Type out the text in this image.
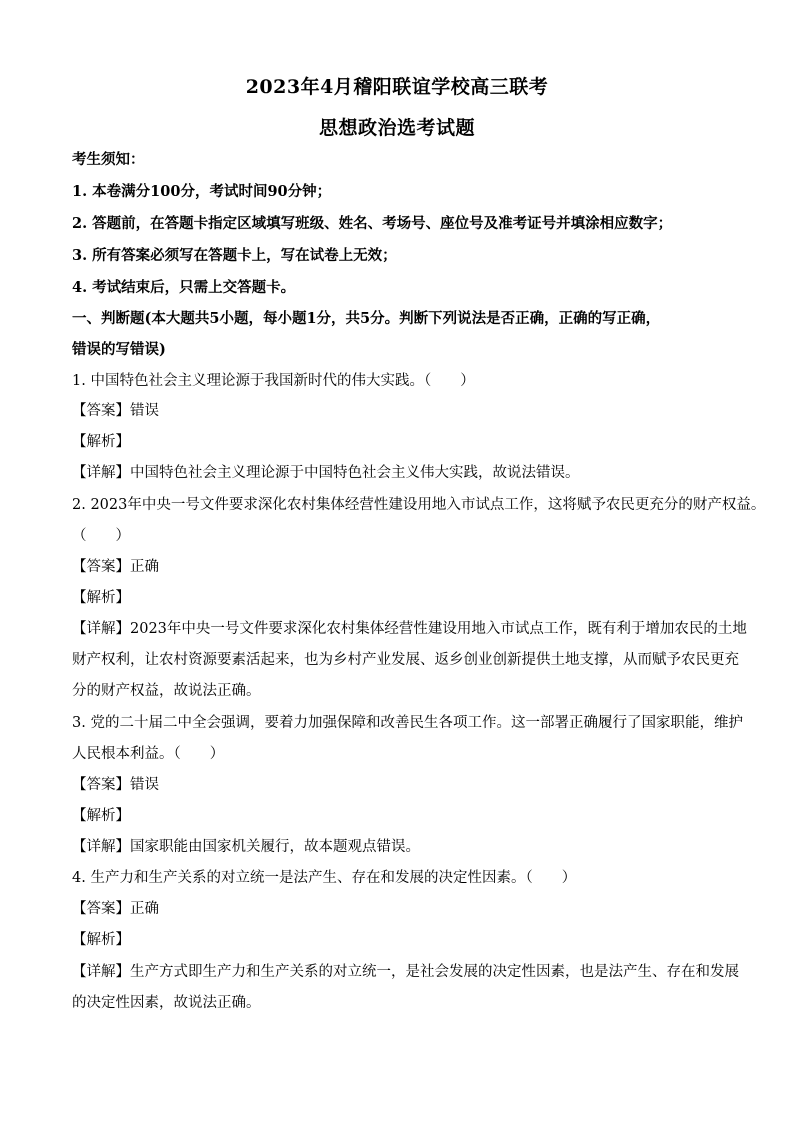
2023年4月稽阳联谊学校高三联考
思想政治选考试题
考生须知：
1. 本卷满分100分，考试时间90分钟；
2. 答题前，在答题卡指定区域填写班级、姓名、考场号、座位号及准考证号并填涂相应数字；
3. 所有答案必须写在答题卡上，写在试卷上无效；
4. 考试结束后，只需上交答题卡。
一、判断题(本大题共5小题，每小题1分，共5分。判断下列说法是否正确，正确的写正确，
错误的写错误)
1. 中国特色社会主义理论源于我国新时代的伟大实践。（　　）
【答案】错误
【解析】
【详解】中国特色社会主义理论源于中国特色社会主义伟大实践，故说法错误。
2. 2023年中央一号文件要求深化农村集体经营性建设用地入市试点工作，这将赋予农民更充分的财产权益。
（　　）
【答案】正确
【解析】
【详解】2023年中央一号文件要求深化农村集体经营性建设用地入市试点工作，既有利于增加农民的土地
财产权利，让农村资源要素活起来，也为乡村产业发展、返乡创业创新提供土地支撑，从而赋予农民更充
分的财产权益，故说法正确。
3. 党的二十届二中全会强调，要着力加强保障和改善民生各项工作。这一部署正确履行了国家职能，维护
人民根本利益。（　　）
【答案】错误
【解析】
【详解】国家职能由国家机关履行，故本题观点错误。
4. 生产力和生产关系的对立统一是法产生、存在和发展的决定性因素。（　　）
【答案】正确
【解析】
【详解】生产方式即生产力和生产关系的对立统一，是社会发展的决定性因素，也是法产生、存在和发展
的决定性因素，故说法正确。
